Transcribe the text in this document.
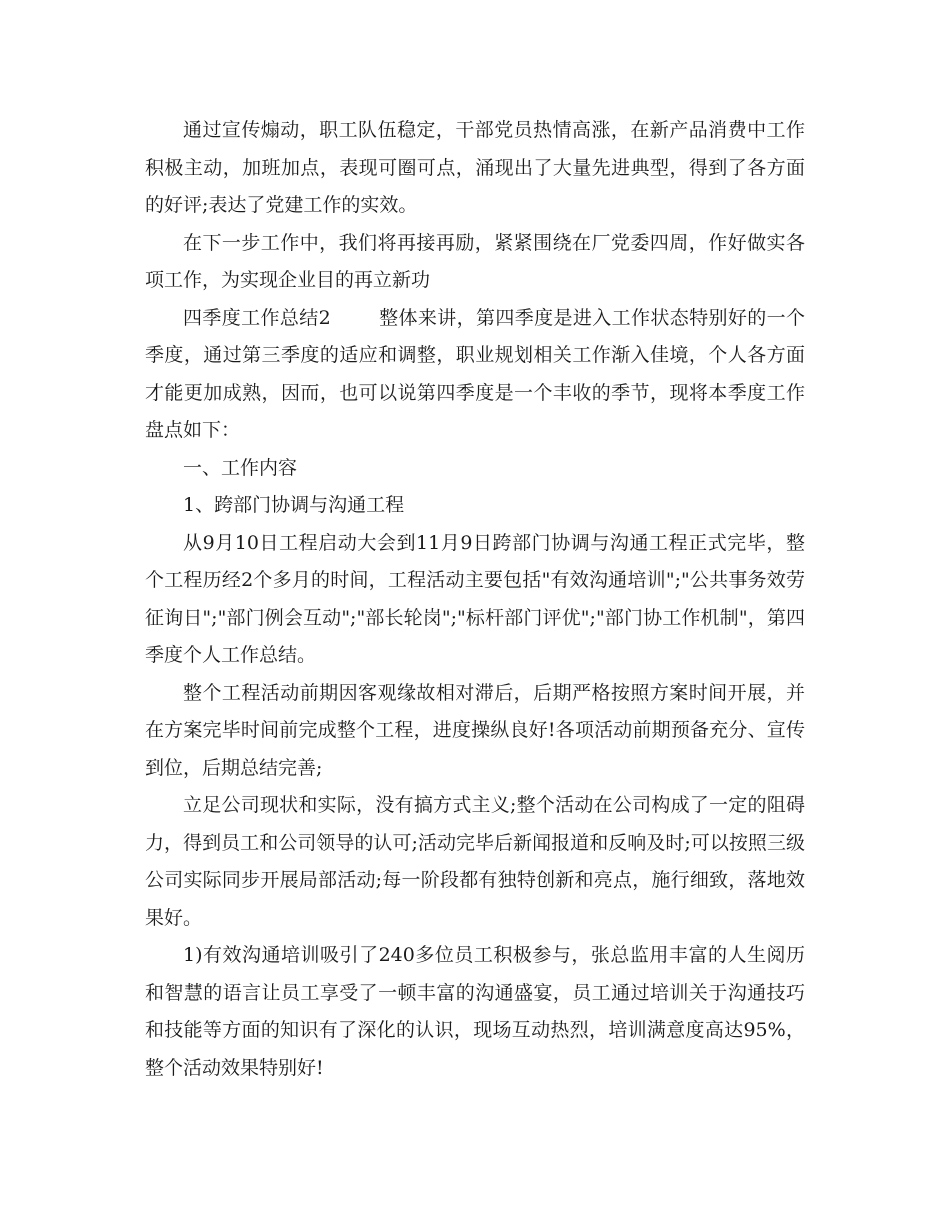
通过宣传煽动，职工队伍稳定，干部党员热情高涨，在新产品消费中工作积极主动，加班加点，表现可圈可点，涌现出了大量先进典型，得到了各方面的好评;表达了党建工作的实效。

在下一步工作中，我们将再接再励，紧紧围绕在厂党委四周，作好做实各项工作，为实现企业目的再立新功

四季度工作总结2	整体来讲，第四季度是进入工作状态特别好的一个季度，通过第三季度的适应和调整，职业规划相关工作渐入佳境，个人各方面才能更加成熟，因而，也可以说第四季度是一个丰收的季节，现将本季度工作盘点如下：

一、工作内容

1、跨部门协调与沟通工程

从9月10日工程启动大会到11月9日跨部门协调与沟通工程正式完毕，整个工程历经2个多月的时间，工程活动主要包括"有效沟通培训";"公共事务效劳征询日";"部门例会互动";"部长轮岗";"标杆部门评优";"部门协工作机制"，第四季度个人工作总结。

整个工程活动前期因客观缘故相对滞后，后期严格按照方案时间开展，并在方案完毕时间前完成整个工程，进度操纵良好!各项活动前期预备充分、宣传到位，后期总结完善;

立足公司现状和实际，没有搞方式主义;整个活动在公司构成了一定的阻碍力，得到员工和公司领导的认可;活动完毕后新闻报道和反响及时;可以按照三级公司实际同步开展局部活动;每一阶段都有独特创新和亮点，施行细致，落地效果好。

1)有效沟通培训吸引了240多位员工积极参与，张总监用丰富的人生阅历和智慧的语言让员工享受了一顿丰富的沟通盛宴，员工通过培训关于沟通技巧和技能等方面的知识有了深化的认识，现场互动热烈，培训满意度高达95%，整个活动效果特别好!
